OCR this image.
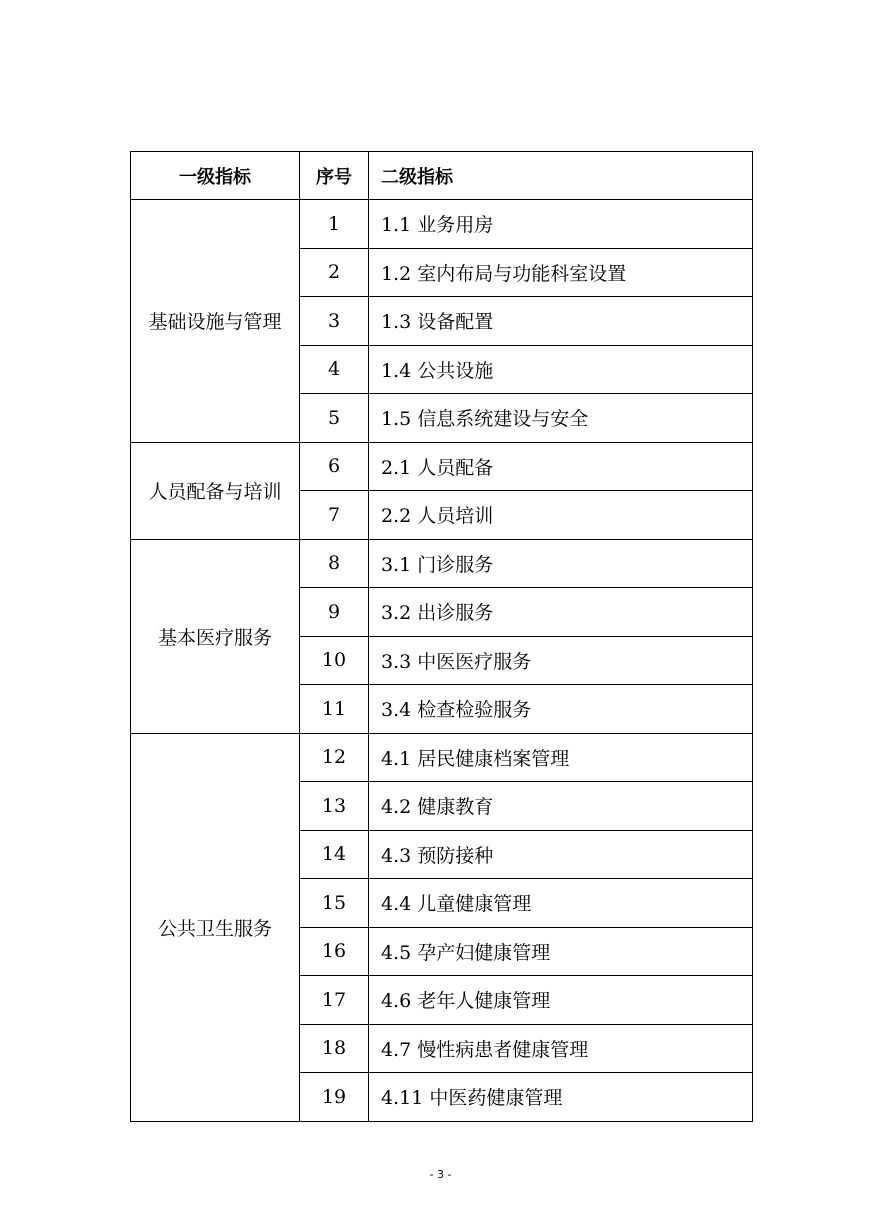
一级指标	序号	二级指标
基础设施与管理	1	1.1 业务用房
	2	1.2 室内布局与功能科室设置
	3	1.3 设备配置
	4	1.4 公共设施
	5	1.5 信息系统建设与安全
人员配备与培训	6	2.1 人员配备
	7	2.2 人员培训
基本医疗服务	8	3.1 门诊服务
	9	3.2 出诊服务
	10	3.3 中医医疗服务
	11	3.4 检查检验服务
公共卫生服务	12	4.1 居民健康档案管理
	13	4.2 健康教育
	14	4.3 预防接种
	15	4.4 儿童健康管理
	16	4.5 孕产妇健康管理
	17	4.6 老年人健康管理
	18	4.7 慢性病患者健康管理
	19	4.11 中医药健康管理
- 3 -
